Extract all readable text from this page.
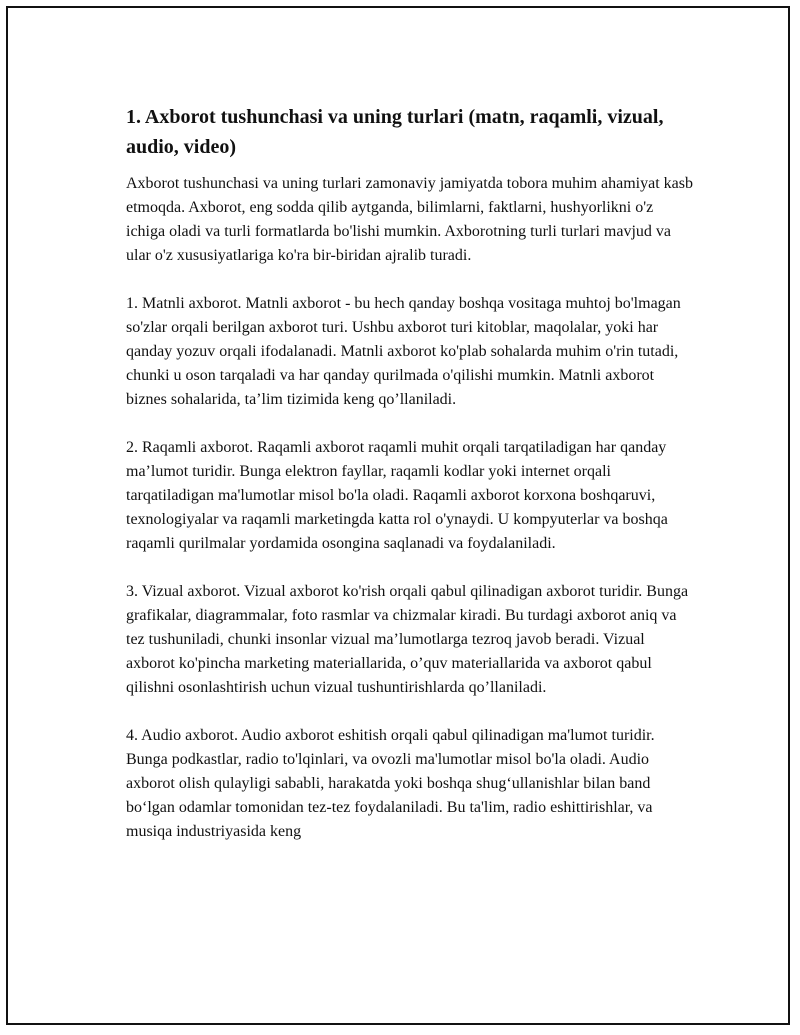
1. Axborot tushunchasi va uning turlari (matn, raqamli, vizual, audio, video)

Axborot tushunchasi va uning turlari zamonaviy jamiyatda tobora muhim ahamiyat kasb etmoqda. Axborot, eng sodda qilib aytganda, bilimlarni, faktlarni, hushyorlikni o'z ichiga oladi va turli formatlarda bo'lishi mumkin. Axborotning turli turlari mavjud va ular o'z xususiyatlariga ko'ra bir-biridan ajralib turadi.

1. Matnli axborot. Matnli axborot - bu hech qanday boshqa vositaga muhtoj bo'lmagan so'zlar orqali berilgan axborot turi. Ushbu axborot turi kitoblar, maqolalar, yoki har qanday yozuv orqali ifodalanadi. Matnli axborot ko'plab sohalarda muhim o'rin tutadi, chunki u oson tarqaladi va har qanday qurilmada o'qilishi mumkin. Matnli axborot biznes sohalarida, ta’lim tizimida keng qo’llaniladi.

2. Raqamli axborot. Raqamli axborot raqamli muhit orqali tarqatiladigan har qanday ma’lumot turidir. Bunga elektron fayllar, raqamli kodlar yoki internet orqali tarqatiladigan ma'lumotlar misol bo'la oladi. Raqamli axborot korxona boshqaruvi, texnologiyalar va raqamli marketingda katta rol o'ynaydi. U kompyuterlar va boshqa raqamli qurilmalar yordamida osongina saqlanadi va foydalaniladi.

3. Vizual axborot. Vizual axborot ko'rish orqali qabul qilinadigan axborot turidir. Bunga grafikalar, diagrammalar, foto rasmlar va chizmalar kiradi. Bu turdagi axborot aniq va tez tushuniladi, chunki insonlar vizual ma’lumotlarga tezroq javob beradi. Vizual axborot ko'pincha marketing materiallarida, o’quv materiallarida va axborot qabul qilishni osonlashtirish uchun vizual tushuntirishlarda qo’llaniladi.

4. Audio axborot. Audio axborot eshitish orqali qabul qilinadigan ma'lumot turidir. Bunga podkastlar, radio to'lqinlari, va ovozli ma'lumotlar misol bo'la oladi. Audio axborot olish qulayligi sababli, harakatda yoki boshqa shug‘ullanishlar bilan band bo‘lgan odamlar tomonidan tez-tez foydalaniladi. Bu ta'lim, radio eshittirishlar, va musiqa industriyasida keng
